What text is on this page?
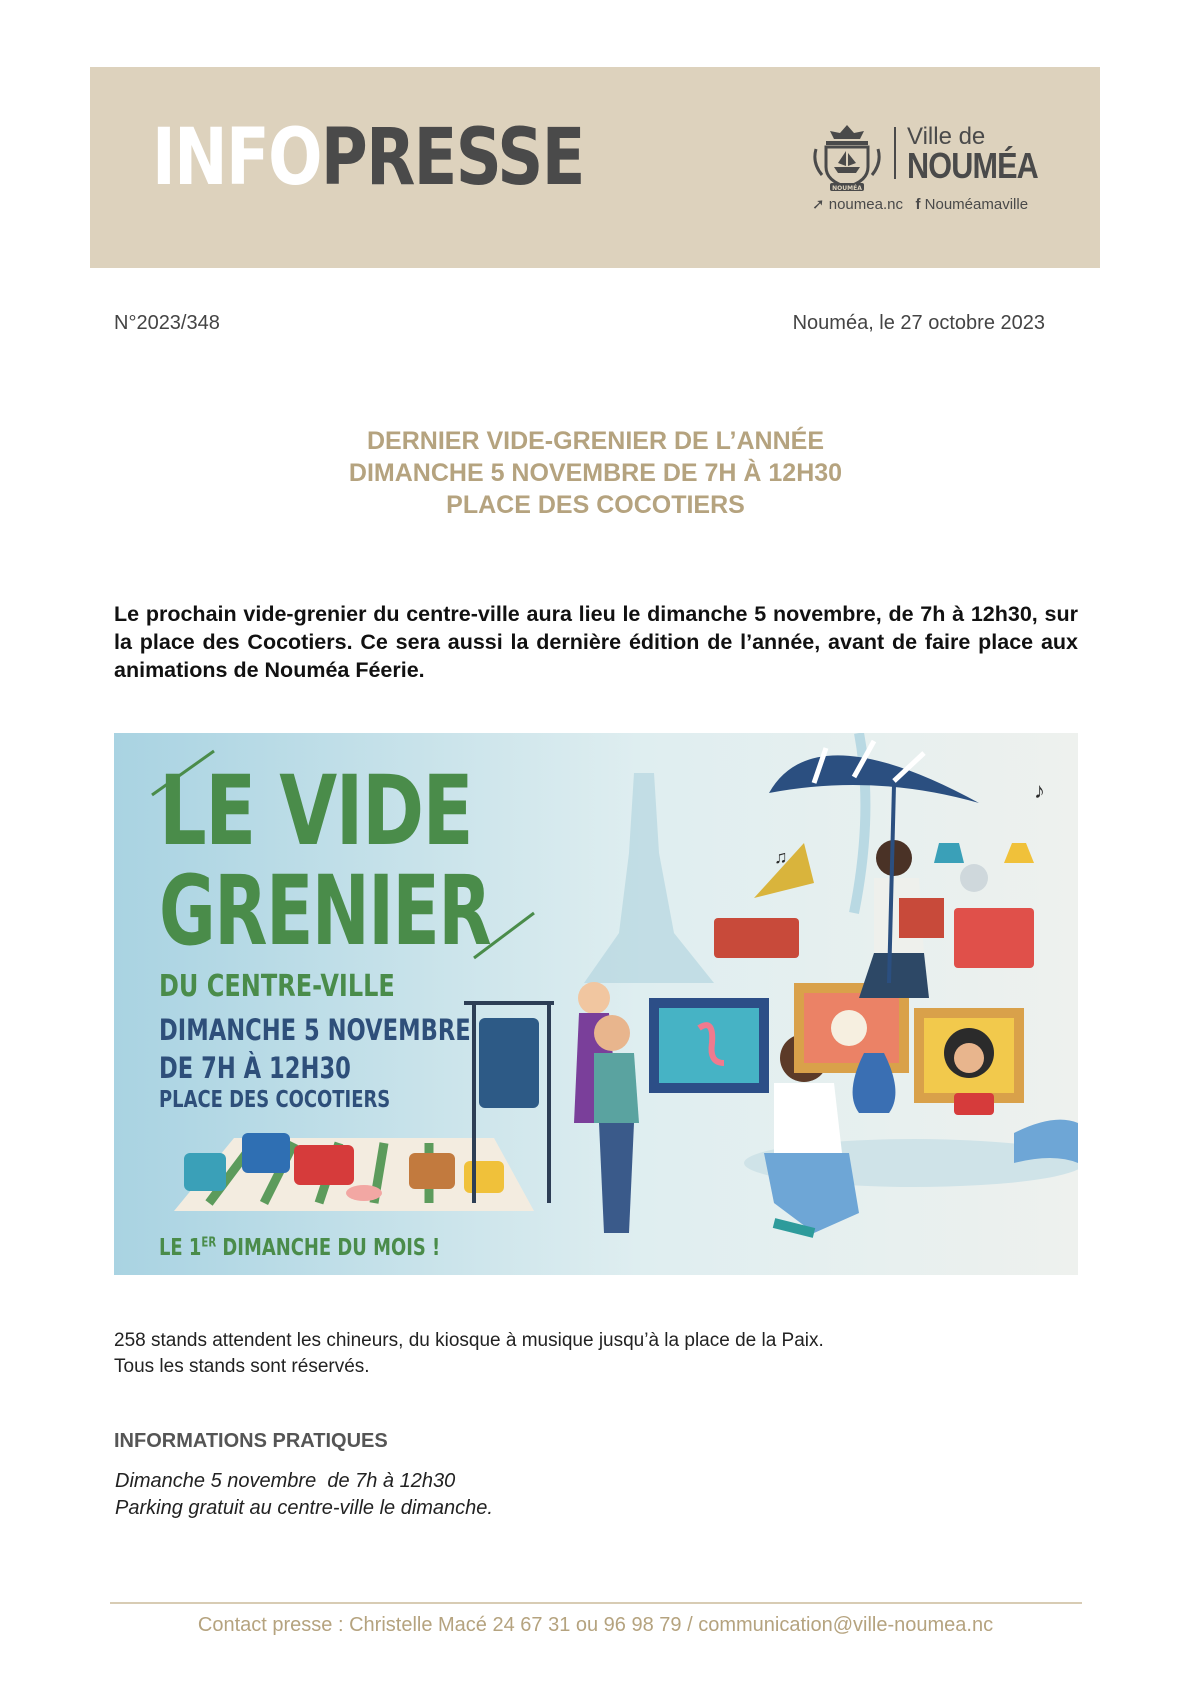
INFOPRESSE	NOUMÉA
Ville de
NOUMÉA
➚ noumea.nc f Nouméamaville
N°2023/348	Nouméa, le 27 octobre 2023
DERNIER VIDE-GRENIER DE L’ANNÉE
DIMANCHE 5 NOVEMBRE DE 7H À 12H30
PLACE DES COCOTIERS
Le prochain vide-grenier du centre-ville aura lieu le dimanche 5 novembre, de 7h à 12h30, sur la place des Cocotiers. Ce sera aussi la dernière édition de l’année, avant de faire place aux animations de Nouméa Féerie.
♪
♫
LE VIDE
GRENIER
DU CENTRE-VILLE
DIMANCHE 5 NOVEMBRE
DE 7H À 12H30
PLACE DES COCOTIERS
LE 1ER DIMANCHE DU MOIS !
258 stands attendent les chineurs, du kiosque à musique jusqu’à la place de la Paix.
Tous les stands sont réservés.
INFORMATIONS PRATIQUES
Dimanche 5 novembre  de 7h à 12h30
Parking gratuit au centre-ville le dimanche.
Contact presse : Christelle Macé 24 67 31 ou 96 98 79 / communication@ville-noumea.nc
